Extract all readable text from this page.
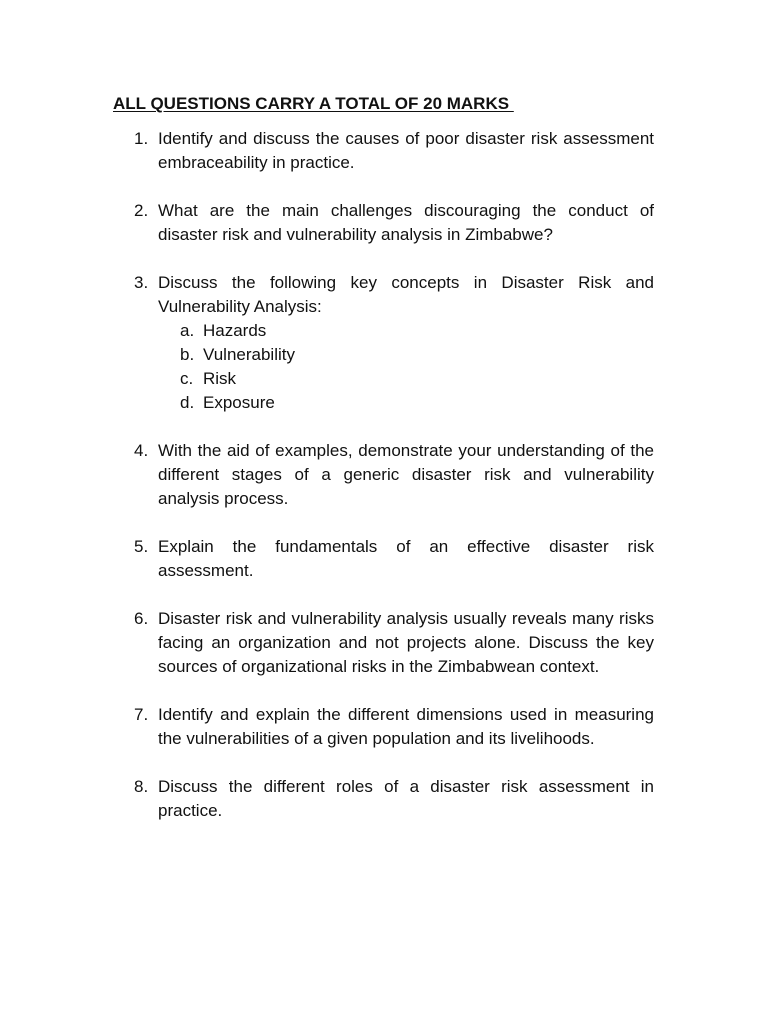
ALL QUESTIONS CARRY A TOTAL OF 20 MARKS
1. Identify and discuss the causes of poor disaster risk assessment embraceability in practice.
2. What are the main challenges discouraging the conduct of disaster risk and vulnerability analysis in Zimbabwe?
3. Discuss the following key concepts in Disaster Risk and Vulnerability Analysis:
a. Hazards
b. Vulnerability
c. Risk
d. Exposure
4. With the aid of examples, demonstrate your understanding of the different stages of a generic disaster risk and vulnerability analysis process.
5. Explain the fundamentals of an effective disaster risk assessment.
6. Disaster risk and vulnerability analysis usually reveals many risks facing an organization and not projects alone. Discuss the key sources of organizational risks in the Zimbabwean context.
7. Identify and explain the different dimensions used in measuring the vulnerabilities of a given population and its livelihoods.
8. Discuss the different roles of a disaster risk assessment in practice.
